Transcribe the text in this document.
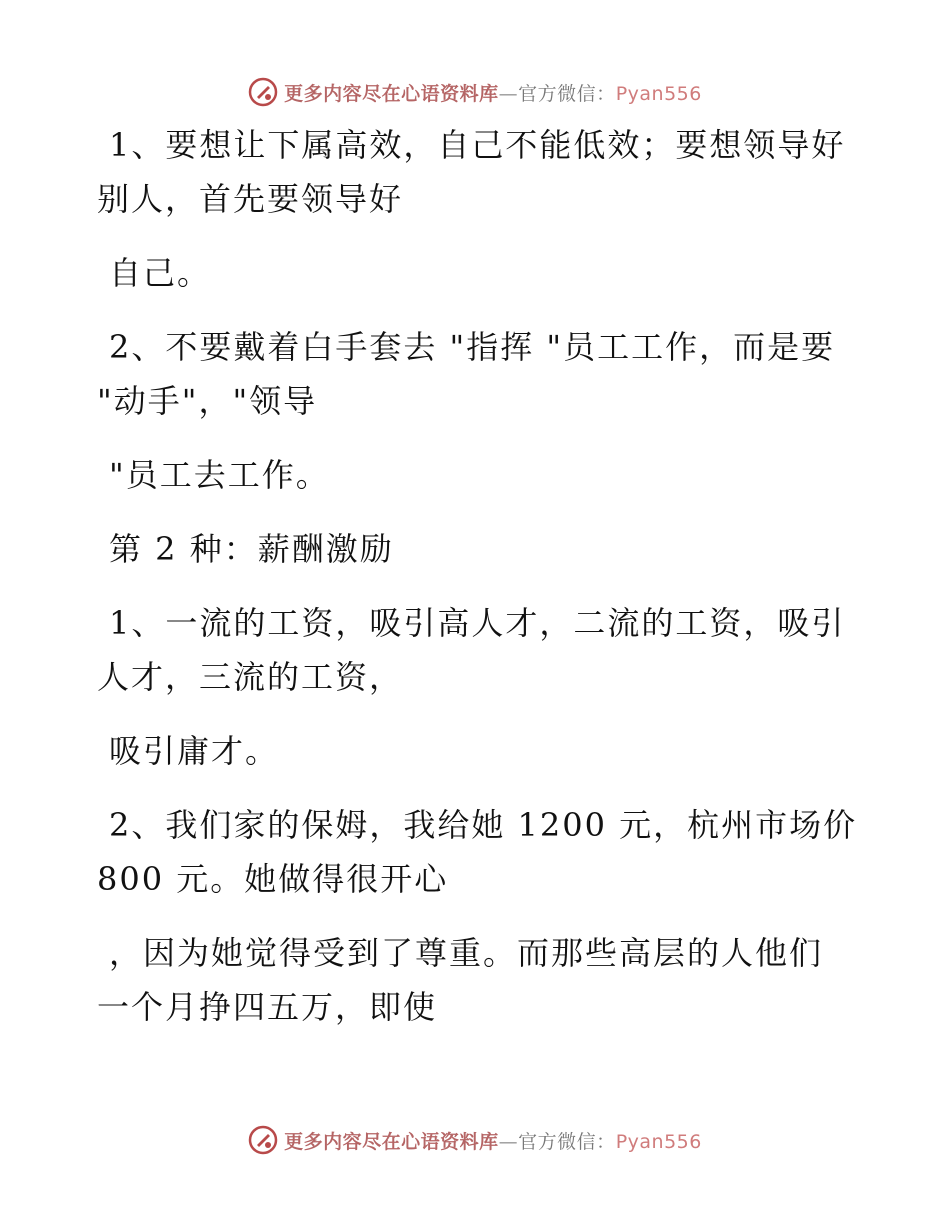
更多内容尽在心语资料库—官方微信：Pyan556

1、要想让下属高效，自己不能低效；要想领导好
别人，首先要领导好

自己。

2、不要戴着白手套去 "指挥 "员工工作，而是要
"动手"，"领导

"员工去工作。

第 2 种：薪酬激励

1、一流的工资，吸引高人才，二流的工资，吸引
人才，三流的工资，

吸引庸才。

2、我们家的保姆，我给她 1200 元，杭州市场价
800 元。她做得很开心

，因为她觉得受到了尊重。而那些高层的人他们
一个月挣四五万，即使

更多内容尽在心语资料库—官方微信：Pyan556
